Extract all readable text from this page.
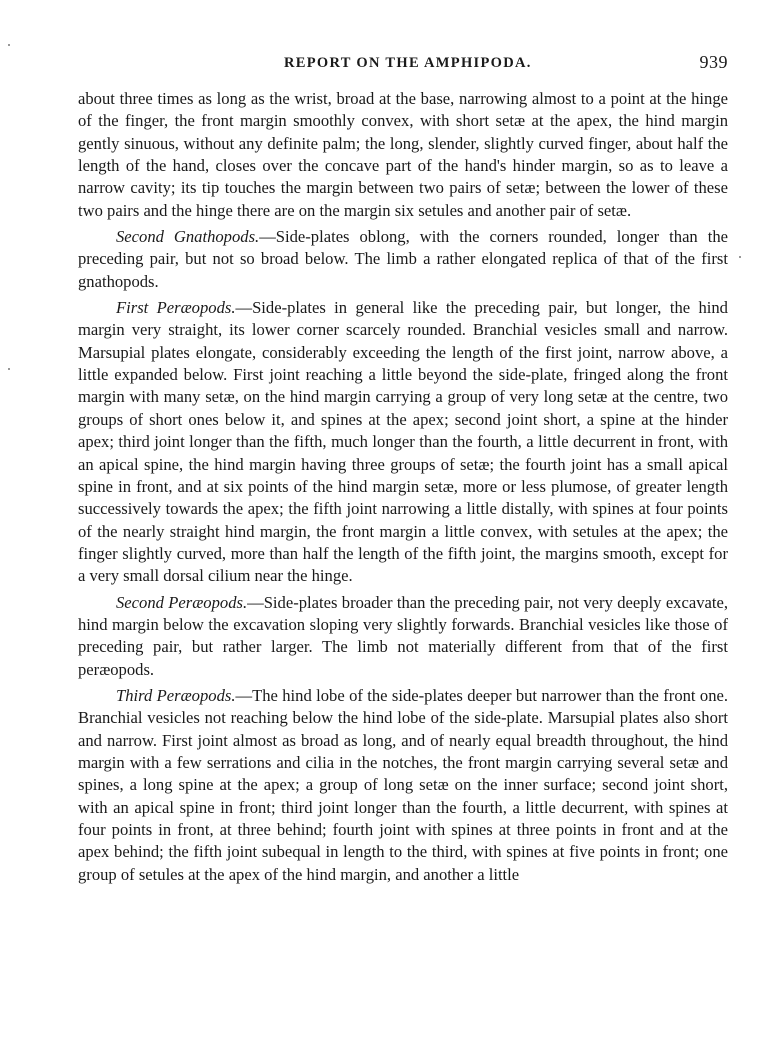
REPORT ON THE AMPHIPODA.	939

about three times as long as the wrist, broad at the base, narrowing almost to a point at the hinge of the finger, the front margin smoothly convex, with short setæ at the apex, the hind margin gently sinuous, without any definite palm; the long, slender, slightly curved finger, about half the length of the hand, closes over the concave part of the hand's hinder margin, so as to leave a narrow cavity; its tip touches the margin between two pairs of setæ; between the lower of these two pairs and the hinge there are on the margin six setules and another pair of setæ.

Second Gnathopods.—Side-plates oblong, with the corners rounded, longer than the preceding pair, but not so broad below. The limb a rather elongated replica of that of the first gnathopods.

First Peræopods.—Side-plates in general like the preceding pair, but longer, the hind margin very straight, its lower corner scarcely rounded. Branchial vesicles small and narrow. Marsupial plates elongate, considerably exceeding the length of the first joint, narrow above, a little expanded below. First joint reaching a little beyond the side-plate, fringed along the front margin with many setæ, on the hind margin carrying a group of very long setæ at the centre, two groups of short ones below it, and spines at the apex; second joint short, a spine at the hinder apex; third joint longer than the fifth, much longer than the fourth, a little decurrent in front, with an apical spine, the hind margin having three groups of setæ; the fourth joint has a small apical spine in front, and at six points of the hind margin setæ, more or less plumose, of greater length successively towards the apex; the fifth joint narrowing a little distally, with spines at four points of the nearly straight hind margin, the front margin a little convex, with setules at the apex; the finger slightly curved, more than half the length of the fifth joint, the margins smooth, except for a very small dorsal cilium near the hinge.

Second Peræopods.—Side-plates broader than the preceding pair, not very deeply excavate, hind margin below the excavation sloping very slightly forwards. Branchial vesicles like those of preceding pair, but rather larger. The limb not materially different from that of the first peræopods.

Third Peræopods.—The hind lobe of the side-plates deeper but narrower than the front one. Branchial vesicles not reaching below the hind lobe of the side-plate. Marsupial plates also short and narrow. First joint almost as broad as long, and of nearly equal breadth throughout, the hind margin with a few serrations and cilia in the notches, the front margin carrying several setæ and spines, a long spine at the apex; a group of long setæ on the inner surface; second joint short, with an apical spine in front; third joint longer than the fourth, a little decurrent, with spines at four points in front, at three behind; fourth joint with spines at three points in front and at the apex behind; the fifth joint subequal in length to the third, with spines at five points in front; one group of setules at the apex of the hind margin, and another a little
